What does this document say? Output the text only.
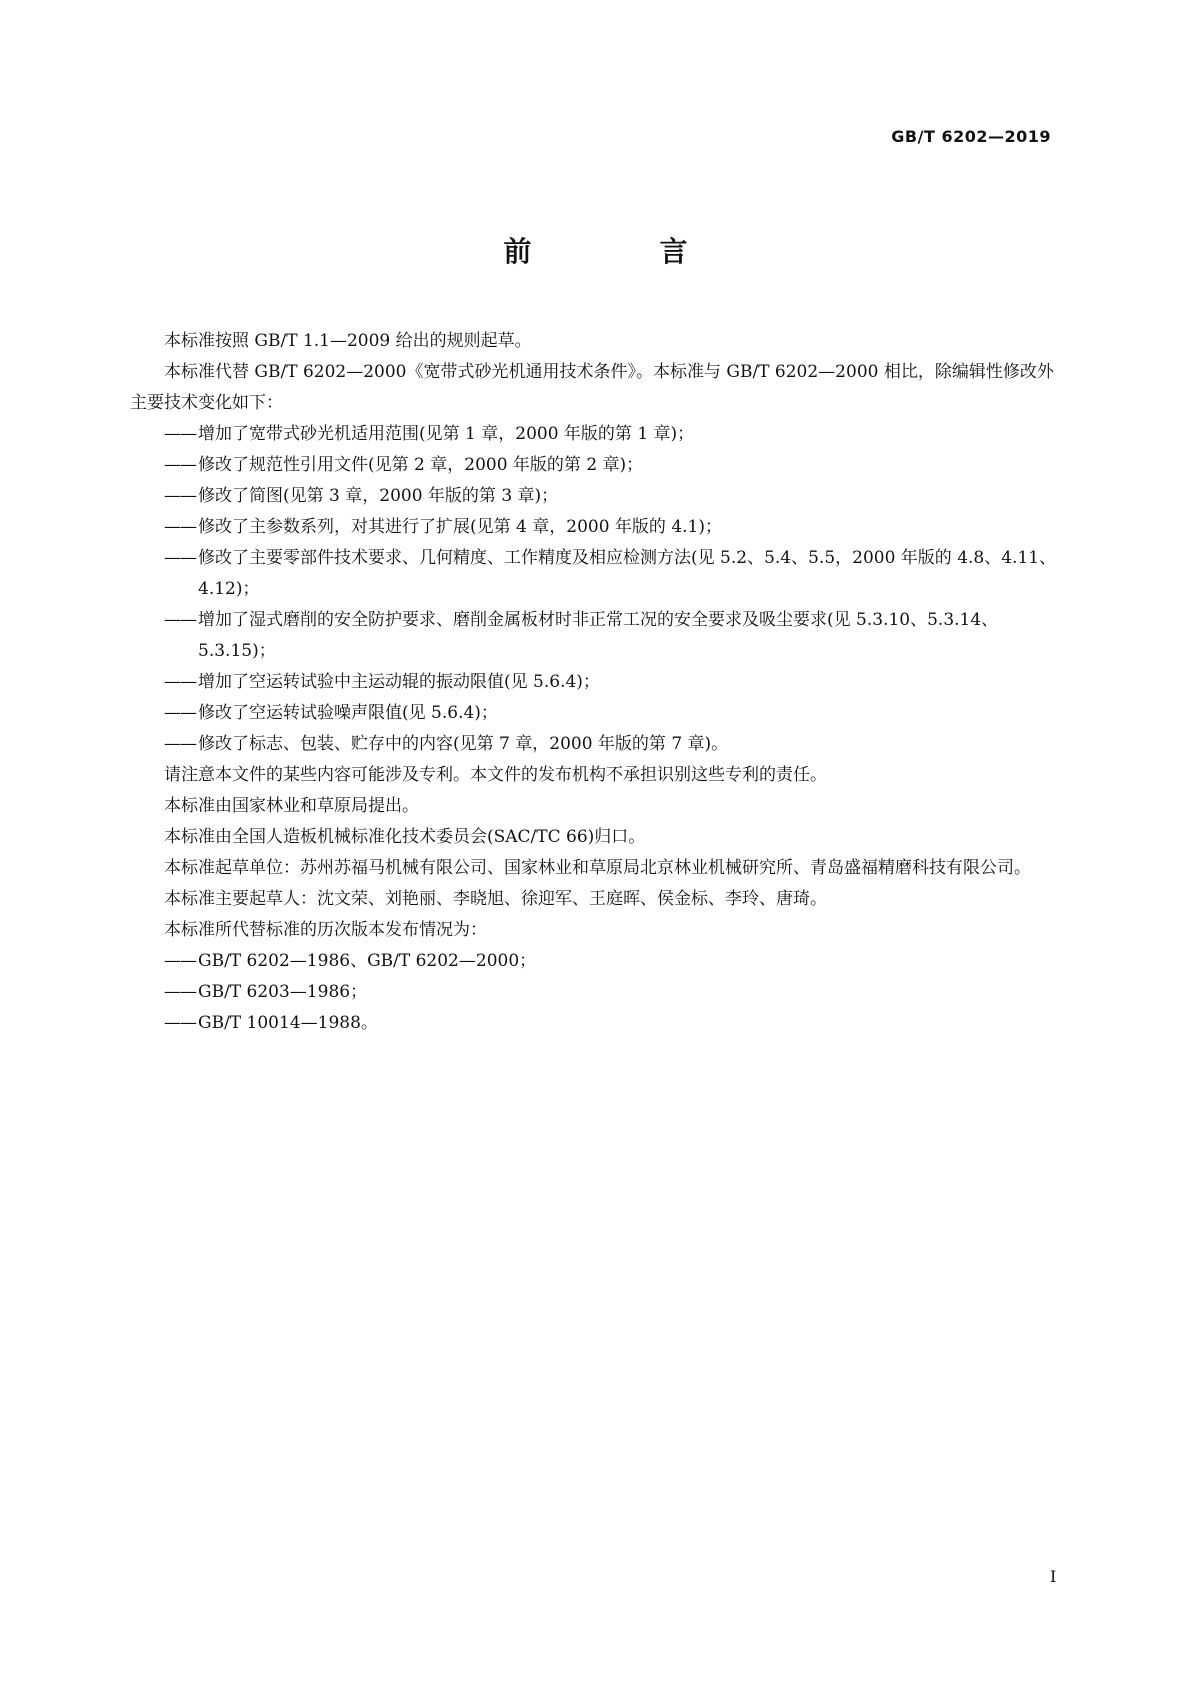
GB/T 6202—2019
前　言

本标准按照 GB/T 1.1—2009 给出的规则起草。

本标准代替 GB/T 6202—2000《宽带式砂光机通用技术条件》。本标准与 GB/T 6202—2000 相比，除编辑性修改外主要技术变化如下：

—— 增加了宽带式砂光机适用范围(见第 1 章，2000 年版的第 1 章)；

—— 修改了规范性引用文件(见第 2 章，2000 年版的第 2 章)；

—— 修改了简图(见第 3 章，2000 年版的第 3 章)；

—— 修改了主参数系列，对其进行了扩展(见第 4 章，2000 年版的 4.1)；

—— 修改了主要零部件技术要求、几何精度、工作精度及相应检测方法(见 5.2、5.4、5.5，2000 年版的 4.8、4.11、4.12)；

—— 增加了湿式磨削的安全防护要求、磨削金属板材时非正常工况的安全要求及吸尘要求(见 5.3.10、5.3.14、5.3.15)；

—— 增加了空运转试验中主运动辊的振动限值(见 5.6.4)；

—— 修改了空运转试验噪声限值(见 5.6.4)；

—— 修改了标志、包装、贮存中的内容(见第 7 章，2000 年版的第 7 章)。

请注意本文件的某些内容可能涉及专利。本文件的发布机构不承担识别这些专利的责任。

本标准由国家林业和草原局提出。

本标准由全国人造板机械标准化技术委员会(SAC/TC 66)归口。

本标准起草单位：苏州苏福马机械有限公司、国家林业和草原局北京林业机械研究所、青岛盛福精磨科技有限公司。

本标准主要起草人：沈文荣、刘艳丽、李晓旭、徐迎军、王庭晖、侯金标、李玲、唐琦。

本标准所代替标准的历次版本发布情况为：

—— GB/T 6202—1986、GB/T 6202—2000；

—— GB/T 6203—1986；

—— GB/T 10014—1988。

I
